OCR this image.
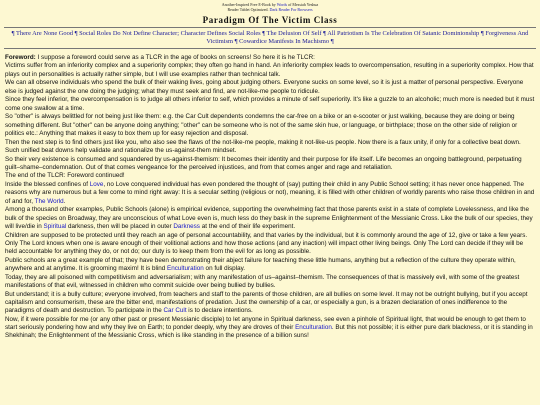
Another-Inspired Free E-Book by Words of Messiah Yeshua
Reader Tablet Optimized. Dark Reader For Browsers
Paradigm Of The Victim Class
¶ There Are None Good ¶ Social Roles Do Not Define Character; Character Defines Social Roles ¶ The Delusion Of Self ¶ All Patriotism Is The Celebration Of Satanic Dominionship ¶ Forgiveness And Victimism ¶ Cowardice Manifests In Machismo ¶

Foreword: I suppose a foreword could serve as a TLCR in the age of books on screens! So here it is he TLCR:

Victims suffer from an inferiority complex and a superiority complex; they often go hand in hand. An inferiority complex leads to overcompensation, resulting in a superiority complex. How that plays out in personalities is actually rather simple, but I will use examples rather than technical talk.

We can all observe individuals who spend the bulk of their waking lives, going about judging others. Everyone sucks on some level, so it is just a matter of personal perspective. Everyone else is judged against the one doing the judging; what they must seek and find, are not-like-me people to ridicule.

Since they feel inferior, the overcompensation is to judge all others inferior to self, which provides a minute of self superiority. It's like a guzzle to an alcoholic; much more is needed but it must come one swallow at a time.

So "other" is always belittled for not being just like them: e.g. the Car Cult dependents condemns the car-free on a bike or an e-scooter or just walking, because they are doing or being something different. But "other" can be anyone doing anything; "other" can be someone who is not of the same skin hue, or language, or birthplace; those on the other side of religion or politics etc.: Anything that makes it easy to box them up for easy rejection and disposal.

Then the next step is to find others just like you, who also see the flaws of the not-like-me people, making it not-like-us people. Now there is a faux unity, if only for a collective beat down. Such unified beat downs help validate and rationalize the us-against-them mindset.

So their very existence is consumed and squandered by us-against-themism: It becomes their identity and their purpose for life itself. Life becomes an ongoing battleground, perpetuating guilt–shame–condemnation. Out of that comes vengeance for the perceived injustices, and from that comes anger and rage and retaliation.

The end of the TLCR: Foreword continued!

Inside the blessed confines of Love, no Love conquered individual has even pondered the thought of (say) putting their child in any Public School setting; it has never once happened. The reasons why are numerous but a few come to mind right away: It is a secular setting (religious or not), meaning, it is filled with other children of worldly parents who raise those children in and of and for, The World.

Among a thousand other examples, Public Schools (alone) is empirical evidence, supporting the overwhelming fact that those parents exist in a state of complete Lovelessness, and like the bulk of the species on Broadway, they are unconscious of what Love even is, much less do they bask in the supreme Enlightenment of the Messianic Cross. Like the bulk of our species, they will live/die in Spiritual darkness, then will be placed in outer Darkness at the end of their life experiment.

Children are supposed to be protected until they reach an age of personal accountability, and that varies by the individual, but it is commonly around the age of 12, give or take a few years. Only The Lord knows when one is aware enough of their volitional actions and how those actions (and any inaction) will impact other living beings. Only The Lord can decide if they will be held accountable for anything they do, or not do; our duty is to keep them from the evil for as long as possible.

Public schools are a great example of that; they have been demonstrating their abject failure for teaching these little humans, anything but a reflection of the culture they operate within, anywhere and at anytime. It is grooming maxim! It is blind Enculturation on full display.

Today, they are all poisoned with competitivism and adversarialism; with any manifestation of us–against–themism. The consequences of that is massively evil, with some of the greatest manifestations of that evil, witnessed in children who commit suicide over being bullied by bullies.

But understand; it is a bully culture; everyone involved, from teachers and staff to the parents of those children, are all bullies on some level. It may not be outright bullying, but if you accept capitalism and consumerism, these are the bitter end, manifestations of predation. Just the ownership of a car, or especially a gun, is a brazen declaration of ones indifference to the paradigms of death and destruction. To participate in the Car Cult is to declare intentions.

Now, if it were possible for me (or any other past or present Messianic disciple) to let anyone in Spiritual darkness, see even a pinhole of Spiritual light, that would be enough to get them to start seriously pondering how and why they live on Earth; to ponder deeply, why they are droves of their Enculturation. But this not possible; it is either pure dark blackness, or it is standing in Shekhinah; the Enlightenment of the Messianic Cross, which is like standing in the presence of a billion suns!
